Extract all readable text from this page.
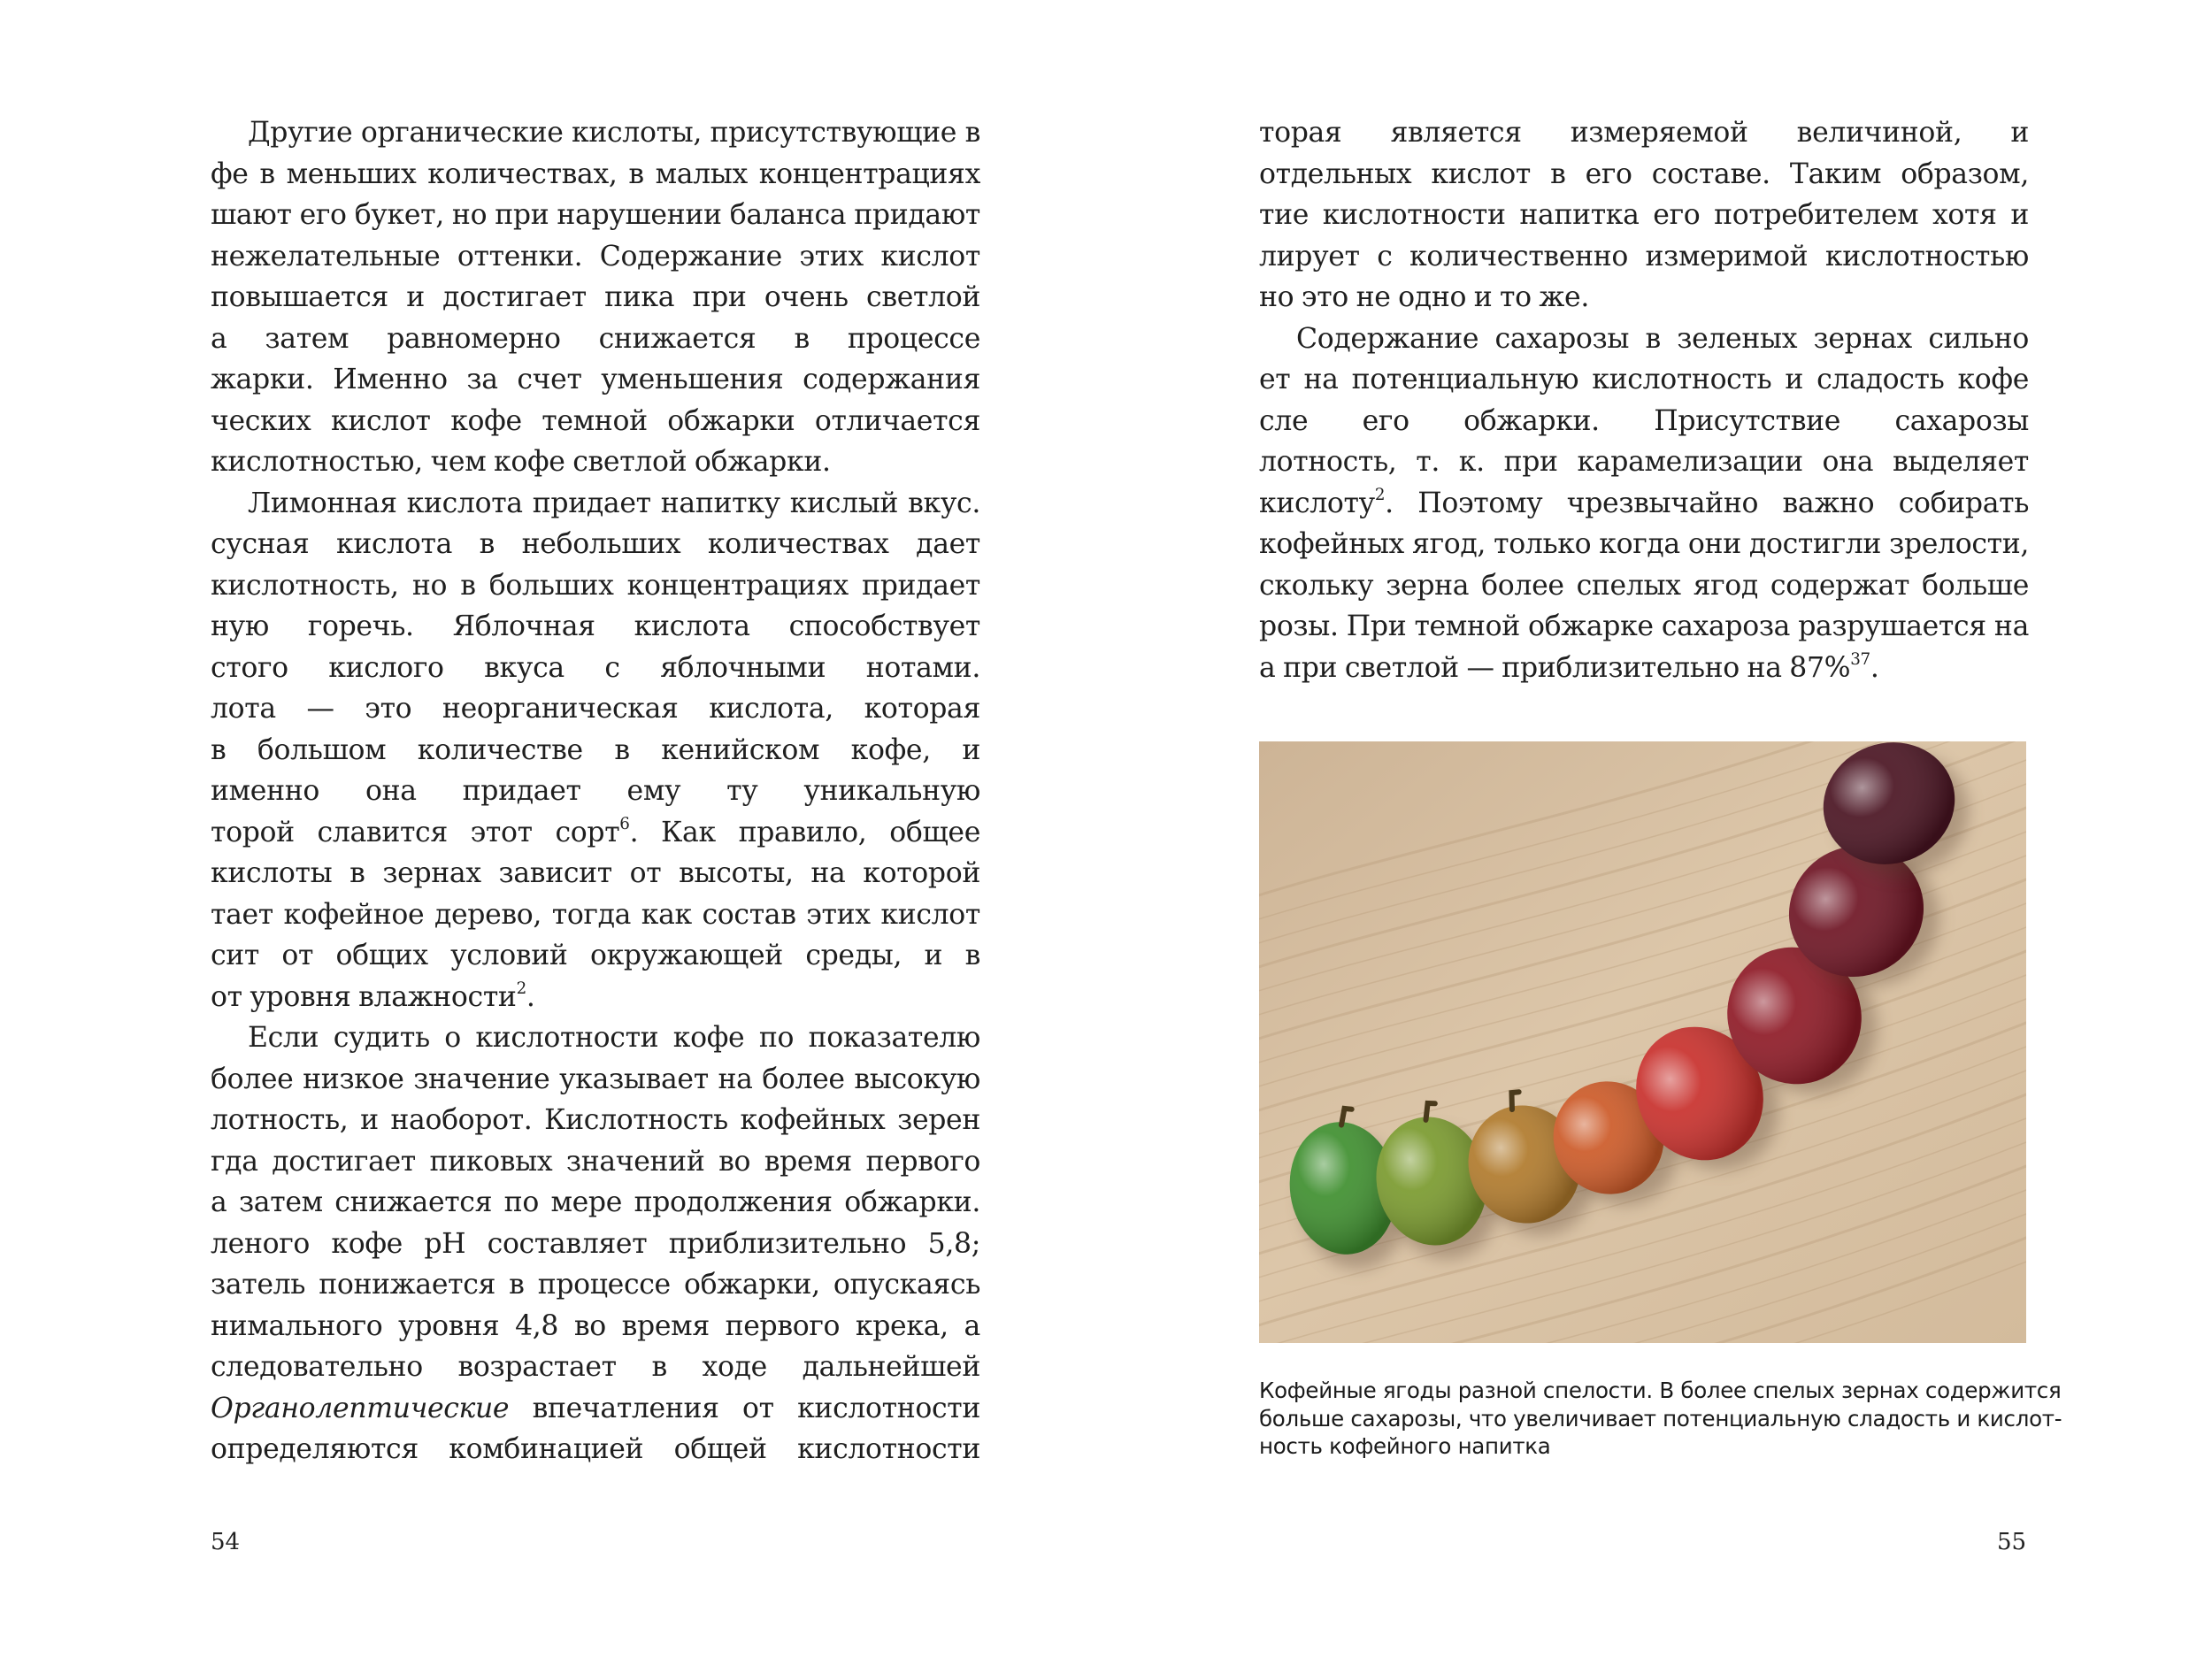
Другие органические кислоты, присутствующие в
фе в меньших количествах, в малых концентрациях
шают его букет, но при нарушении баланса придают
нежелательные оттенки. Содержание этих кислот
повышается и достигает пика при очень светлой
а затем равномерно снижается в процессе
жарки. Именно за счет уменьшения содержания
ческих кислот кофе темной обжарки отличается
кислотностью, чем кофе светлой обжарки.
Лимонная кислота придает напитку кислый вкус.
сусная кислота в небольших количествах дает
кислотность, но в больших концентрациях придает
ную горечь. Яблочная кислота способствует
стого кислого вкуса с яблочными нотами.
лота — это неорганическая кислота, которая
в большом количестве в кенийском кофе, и
именно она придает ему ту уникальную
торой славится этот сорт$^6$. Как правило, общее
кислоты в зернах зависит от высоты, на которой
тает кофейное дерево, тогда как состав этих кислот
сит от общих условий окружающей среды, и в
от уровня влажности$^2$.
Если судить о кислотности кофе по показателю
более низкое значение указывает на более высокую
лотность, и наоборот. Кислотность кофейных зерен
гда достигает пиковых значений во время первого
а затем снижается по мере продолжения обжарки.
леного кофе pH составляет приблизительно 5,8;
затель понижается в процессе обжарки, опускаясь
нимального уровня 4,8 во время первого крека, а
следовательно возрастает в ходе дальнейшей
Органолептические впечатления от кислотности
определяются комбинацией общей кислотности
54
торая является измеряемой величиной, и
отдельных кислот в его составе. Таким образом,
тие кислотности напитка его потребителем хотя и
лирует с количественно измеримой кислотностью
но это не одно и то же.
Содержание сахарозы в зеленых зернах сильно
ет на потенциальную кислотность и сладость кофе
сле его обжарки. Присутствие сахарозы
лотность, т. к. при карамелизации она выделяет
кислоту$^2$. Поэтому чрезвычайно важно собирать
кофейных ягод, только когда они достигли зрелости,
скольку зерна более спелых ягод содержат больше
розы. При темной обжарке сахароза разрушается на
а при светлой — приблизительно на 87%$^{37}$.
Кофейные ягоды разной спелости. В более спелых зернах содержится
больше сахарозы, что увеличивает потенциальную сладость и кислот-
ность кофейного напитка
55
